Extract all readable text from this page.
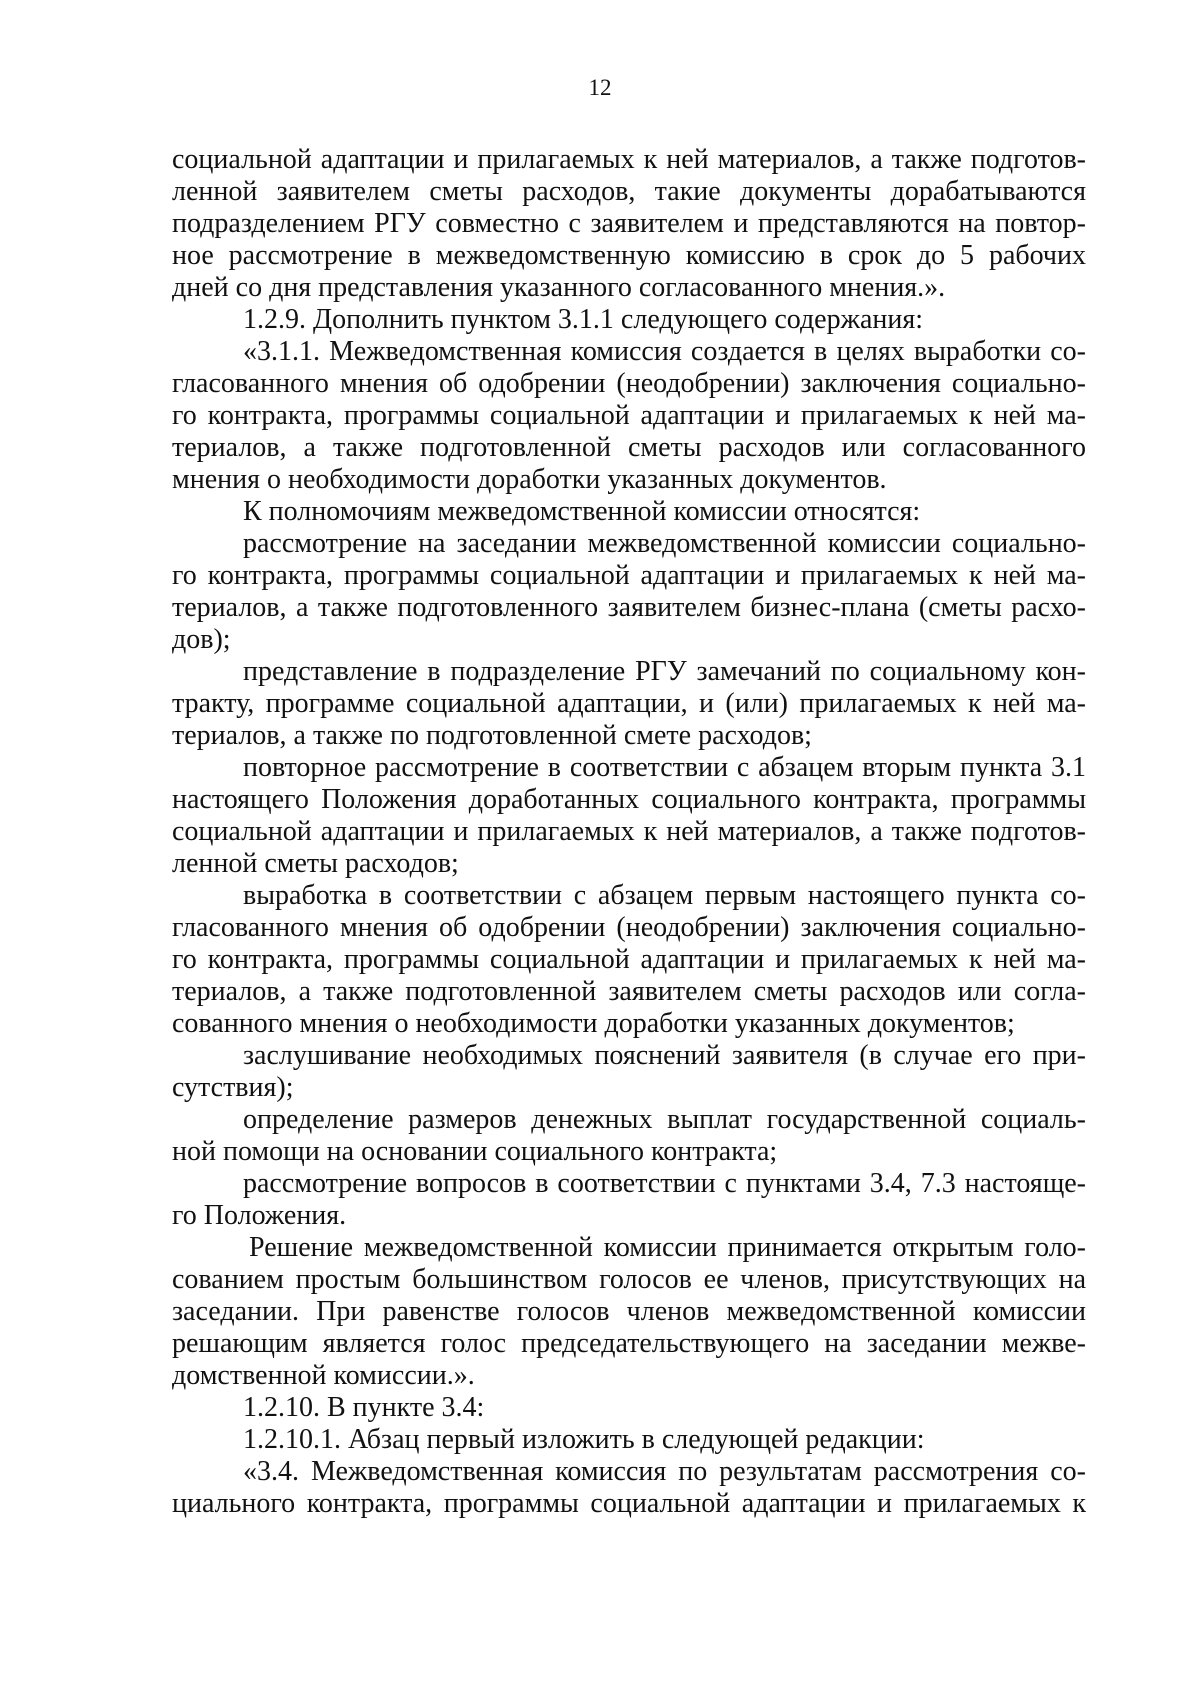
12
социальной адаптации и прилагаемых к ней материалов, а также подготов-
ленной заявителем сметы расходов, такие документы дорабатываются
подразделением РГУ совместно с заявителем и представляются на повтор-
ное рассмотрение в межведомственную комиссию в срок до 5 рабочих
дней со дня представления указанного согласованного мнения.».
1.2.9. Дополнить пунктом 3.1.1 следующего содержания:
«3.1.1. Межведомственная комиссия создается в целях выработки со-
гласованного мнения об одобрении (неодобрении) заключения социально-
го контракта, программы социальной адаптации и прилагаемых к ней ма-
териалов, а также подготовленной сметы расходов или согласованного
мнения о необходимости доработки указанных документов.
К полномочиям межведомственной комиссии относятся:
рассмотрение на заседании межведомственной комиссии социально-
го контракта, программы социальной адаптации и прилагаемых к ней ма-
териалов, а также подготовленного заявителем бизнес-плана (сметы расхо-
дов);
представление в подразделение РГУ замечаний по социальному кон-
тракту, программе социальной адаптации, и (или) прилагаемых к ней ма-
териалов, а также по подготовленной смете расходов;
повторное рассмотрение в соответствии с абзацем вторым пункта 3.1
настоящего Положения доработанных социального контракта, программы
социальной адаптации и прилагаемых к ней материалов, а также подготов-
ленной сметы расходов;
выработка в соответствии с абзацем первым настоящего пункта со-
гласованного мнения об одобрении (неодобрении) заключения социально-
го контракта, программы социальной адаптации и прилагаемых к ней ма-
териалов, а также подготовленной заявителем сметы расходов или согла-
сованного мнения о необходимости доработки указанных документов;
заслушивание необходимых пояснений заявителя (в случае его при-
сутствия);
определение размеров денежных выплат государственной социаль-
ной помощи на основании социального контракта;
рассмотрение вопросов в соответствии с пунктами 3.4, 7.3 настояще-
го Положения.
Решение межведомственной комиссии принимается открытым голо-
сованием простым большинством голосов ее членов, присутствующих на
заседании. При равенстве голосов членов межведомственной комиссии
решающим является голос председательствующего на заседании межве-
домственной комиссии.».
1.2.10. В пункте 3.4:
1.2.10.1. Абзац первый изложить в следующей редакции:
«3.4. Межведомственная комиссия по результатам рассмотрения со-
циального контракта, программы социальной адаптации и прилагаемых к
